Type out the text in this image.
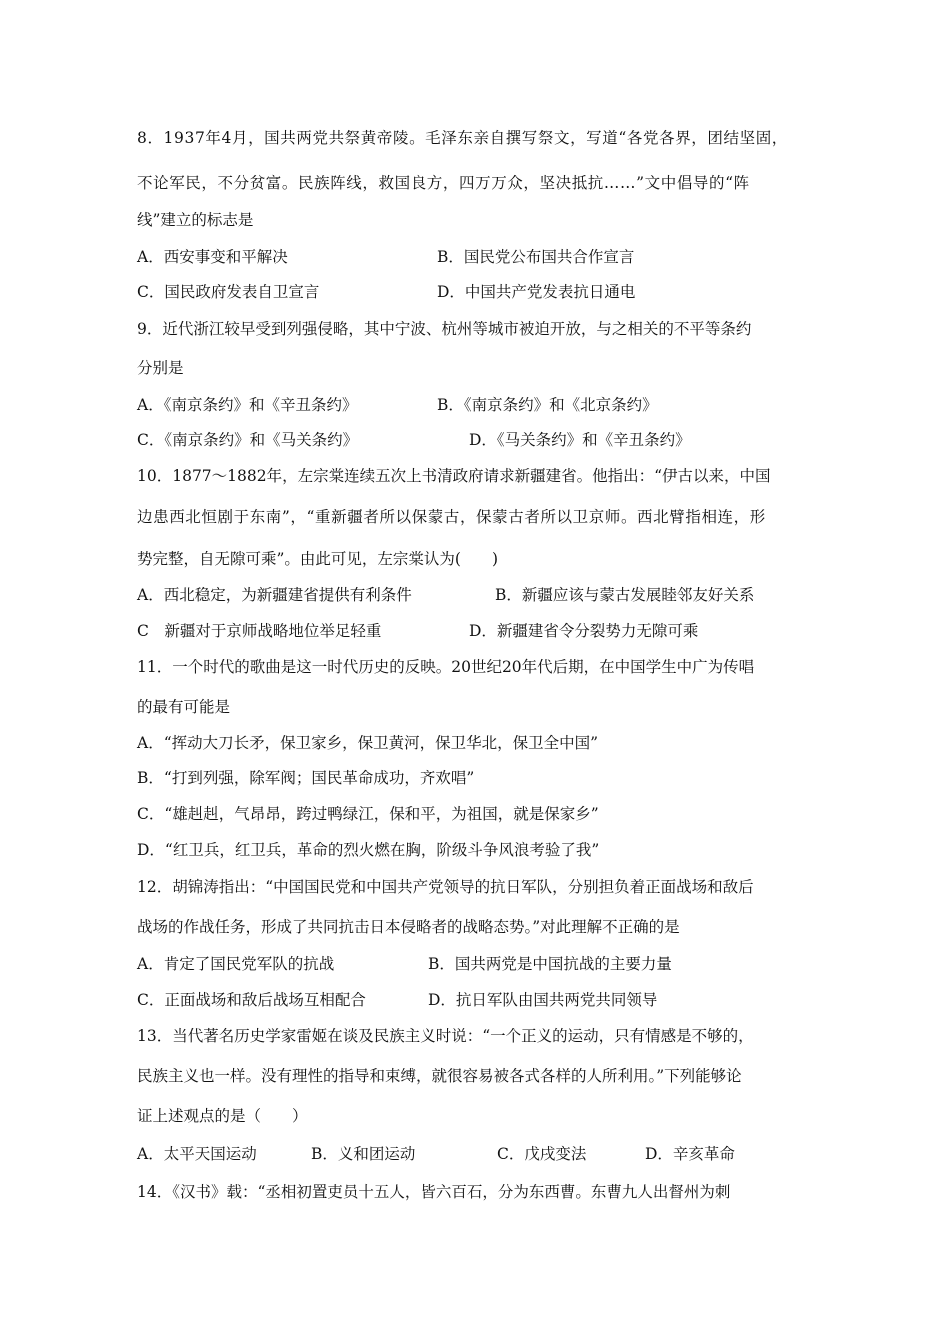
8．1937年4月，国共两党共祭黄帝陵。毛泽东亲自撰写祭文，写道“各党各界，团结坚固，
不论军民，不分贫富。民族阵线，救国良方，四万万众，坚决抵抗……”文中倡导的“阵
线”建立的标志是
A．西安事变和平解决	B．国民党公布国共合作宣言
C．国民政府发表自卫宣言	D．中国共产党发表抗日通电
9．近代浙江较早受到列强侵略，其中宁波、杭州等城市被迫开放，与之相关的不平等条约
分别是
A．《南京条约》和《辛丑条约》	B．《南京条约》和《北京条约》
C．《南京条约》和《马关条约》	D．《马关条约》和《辛丑条约》
10．1877～1882年，左宗棠连续五次上书清政府请求新疆建省。他指出：“伊古以来，中国
边患西北恒剧于东南”，“重新疆者所以保蒙古，保蒙古者所以卫京师。西北臂指相连，形
势完整，自无隙可乘”。由此可见，左宗棠认为(　　)
A．西北稳定，为新疆建省提供有利条件	B．新疆应该与蒙古发展睦邻友好关系
C　新疆对于京师战略地位举足轻重	D．新疆建省令分裂势力无隙可乘
11．一个时代的歌曲是这一时代历史的反映。20世纪20年代后期，在中国学生中广为传唱
的最有可能是
A．“挥动大刀长矛，保卫家乡，保卫黄河，保卫华北，保卫全中国”
B．“打到列强，除军阀；国民革命成功，齐欢唱”
C．“雄赳赳，气昂昂，跨过鸭绿江，保和平，为祖国，就是保家乡”
D．“红卫兵，红卫兵，革命的烈火燃在胸，阶级斗争风浪考验了我”
12．胡锦涛指出：“中国国民党和中国共产党领导的抗日军队，分别担负着正面战场和敌后
战场的作战任务，形成了共同抗击日本侵略者的战略态势。”对此理解不正确的是
A．肯定了国民党军队的抗战	B．国共两党是中国抗战的主要力量
C．正面战场和敌后战场互相配合	D．抗日军队由国共两党共同领导
13．当代著名历史学家雷姬在谈及民族主义时说：“一个正义的运动，只有情感是不够的，
民族主义也一样。没有理性的指导和束缚，就很容易被各式各样的人所利用。”下列能够论
证上述观点的是（　　）
A．太平天国运动	B．义和团运动	C．戊戌变法	D．辛亥革命
14．《汉书》载：“丞相初置吏员十五人，皆六百石，分为东西曹。东曹九人出督州为刺
